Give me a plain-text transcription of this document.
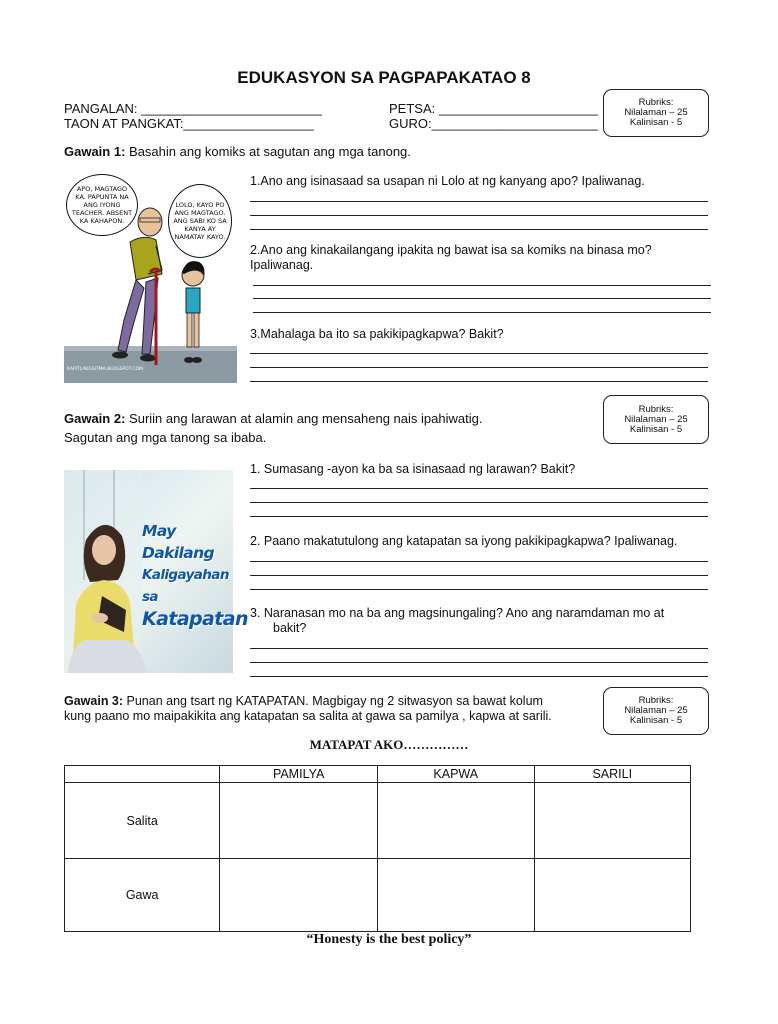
EDUKASYON SA PAGPAPAKATAO 8
PANGALAN: _________________________
TAON AT PANGKAT:__________________
PETSA: ______________________
GURO:_______________________
Rubriks:
Nilalaman – 25
Kalinisan - 5
Gawain 1: Basahin ang komiks at sagutan ang mga tanong.
APO, MAGTAGO KA. PAPUNTA NA ANG IYONG TEACHER. ABSENT KA KAHAPON.
LOLO, KAYO PO ANG MAGTAGO. ANG SABI KO SA KANYA AY NAMATAY KAYO.
KAPITLAKGSITMA.BLOGSPOT.COM
1.Ano ang isinasaad sa usapan ni Lolo at ng kanyang apo? Ipaliwanag.
2.Ano ang kinakailangang ipakita ng bawat isa sa komiks na binasa mo?
Ipaliwanag.
3.Mahalaga ba ito sa pakikipagkapwa? Bakit?
Gawain 2: Suriin ang larawan at alamin ang mensaheng nais ipahiwatig.
Sagutan ang mga tanong sa ibaba.
Rubriks:
Nilalaman – 25
Kalinisan - 5
May Dakilang
Kaligayahan sa
Katapatan
1. Sumasang -ayon ka ba sa isinasaad ng larawan? Bakit?
2. Paano makatutulong ang katapatan sa iyong pakikipagkapwa? Ipaliwanag.
3. Naranasan mo na ba ang magsinungaling? Ano ang naramdaman mo at
bakit?
Gawain 3: Punan ang tsart ng KATAPATAN. Magbigay ng 2 sitwasyon sa bawat kolum
kung paano mo maipakikita ang katapatan sa salita at gawa sa pamilya , kapwa at sarili.
Rubriks:
Nilalaman – 25
Kalinisan - 5
MATAPAT AKO……………
	PAMILYA	KAPWA	SARILI
Salita			
Gawa			
“Honesty is the best policy”
